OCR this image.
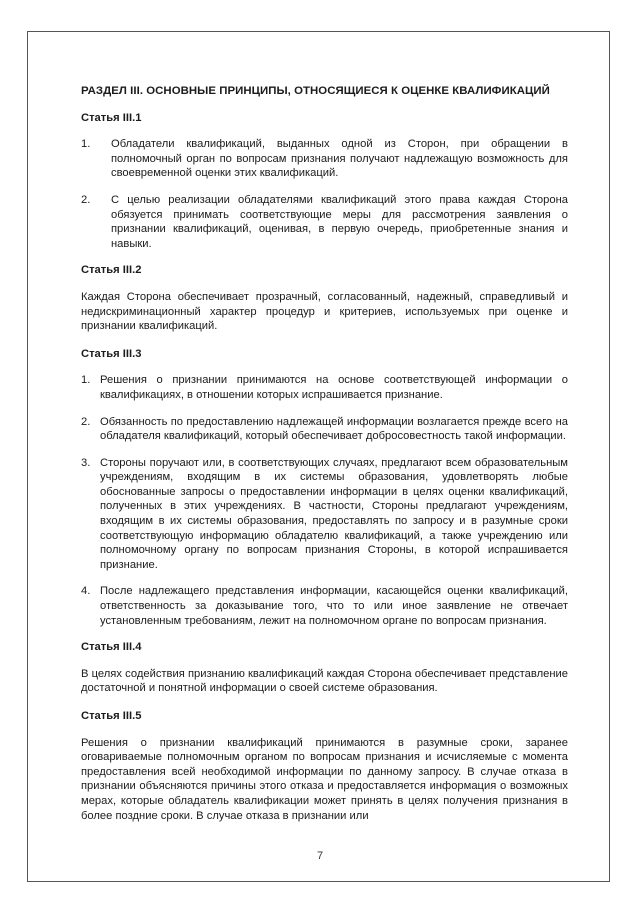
РАЗДЕЛ III. ОСНОВНЫЕ ПРИНЦИПЫ, ОТНОСЯЩИЕСЯ К ОЦЕНКЕ КВАЛИФИКАЦИЙ
Статья III.1
1.	Обладатели квалификаций, выданных одной из Сторон, при обращении в полномочный орган по вопросам признания получают надлежащую возможность для своевременной оценки этих квалификаций.
2.	С целью реализации обладателями квалификаций этого права каждая Сторона обязуется принимать соответствующие меры для рассмотрения заявления о признании квалификаций, оценивая, в первую очередь, приобретенные знания и навыки.
Статья III.2
Каждая Сторона обеспечивает прозрачный, согласованный, надежный, справедливый и недискриминационный характер процедур и критериев, используемых при оценке и признании квалификаций.
Статья III.3
1. Решения о признании принимаются на основе соответствующей информации о квалификациях, в отношении которых испрашивается признание.
2. Обязанность по предоставлению надлежащей информации возлагается прежде всего на обладателя квалификаций, который обеспечивает добросовестность такой информации.
3. Стороны поручают или, в соответствующих случаях, предлагают всем образовательным учреждениям, входящим в их системы образования, удовлетворять любые обоснованные запросы о предоставлении информации в целях оценки квалификаций, полученных в этих учреждениях. В частности, Стороны предлагают учреждениям, входящим в их системы образования, предоставлять по запросу и в разумные сроки соответствующую информацию обладателю квалификаций, а также учреждению или полномочному органу по вопросам признания Стороны, в которой испрашивается признание.
4. После надлежащего представления информации, касающейся оценки квалификаций, ответственность за доказывание того, что то или иное заявление не отвечает установленным требованиям, лежит на полномочном органе по вопросам признания.
Статья III.4
В целях содействия признанию квалификаций каждая Сторона обеспечивает представление достаточной и понятной информации о своей системе образования.
Статья III.5
Решения о признании квалификаций принимаются в разумные сроки, заранее оговариваемые полномочным органом по вопросам признания и исчисляемые с момента предоставления всей необходимой информации по данному запросу. В случае отказа в признании объясняются причины этого отказа и предоставляется информация о возможных мерах, которые обладатель квалификации может принять в целях получения признания в более поздние сроки. В случае отказа в признании или
7
